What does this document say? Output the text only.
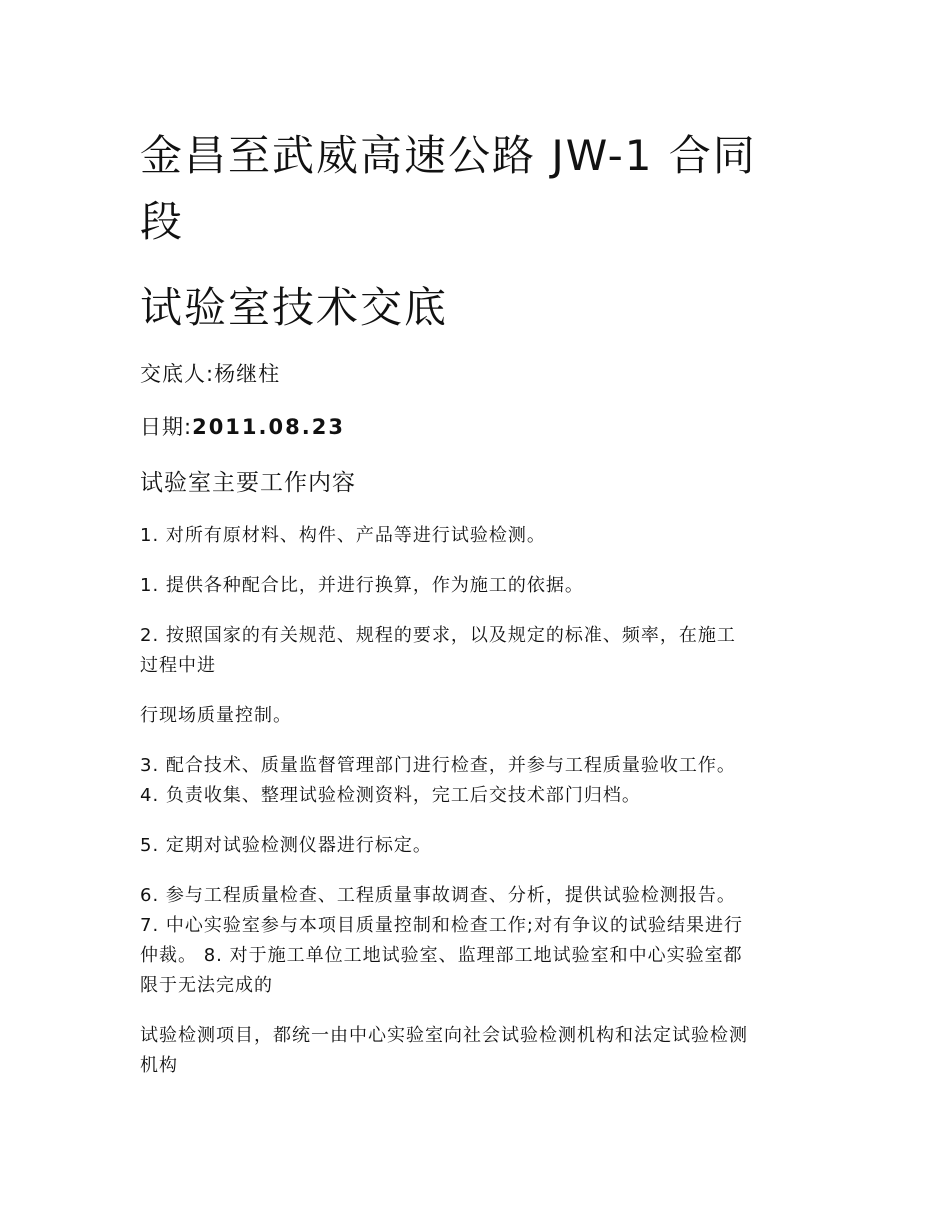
金昌至武威高速公路 JW-1 合同
段
试验室技术交底

交底人:杨继柱

日期:2011.08.23

试验室主要工作内容

1. 对所有原材料、构件、产品等进行试验检测。

1. 提供各种配合比，并进行换算，作为施工的依据。

2. 按照国家的有关规范、规程的要求，以及规定的标准、频率，在施工

过程中进

行现场质量控制。

3. 配合技术、质量监督管理部门进行检查，并参与工程质量验收工作。

4. 负责收集、整理试验检测资料，完工后交技术部门归档。

5. 定期对试验检测仪器进行标定。

6. 参与工程质量检查、工程质量事故调查、分析，提供试验检测报告。

7. 中心实验室参与本项目质量控制和检查工作;对有争议的试验结果进行

仲裁。 8. 对于施工单位工地试验室、监理部工地试验室和中心实验室都

限于无法完成的

试验检测项目，都统一由中心实验室向社会试验检测机构和法定试验检测

机构
